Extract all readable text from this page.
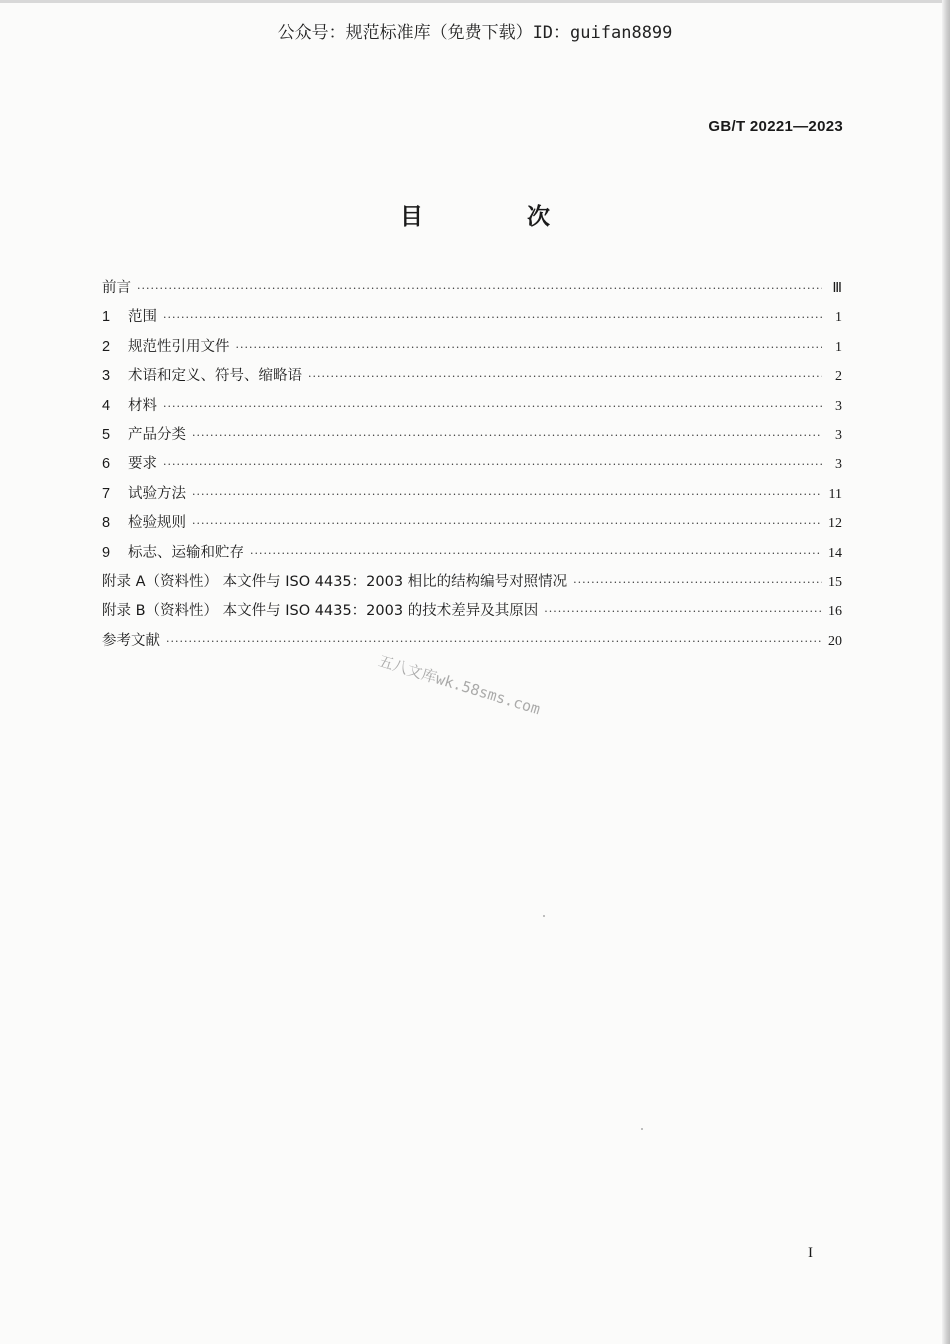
公众号：规范标准库（免费下载）ID：guifan8899
GB/T 20221—2023
目 次
前言 ·····	Ⅲ
1	范围 ·····	1
2	规范性引用文件 ·····	1
3	术语和定义、符号、缩略语 ·····	2
4	材料 ·····	3
5	产品分类 ·····	3
6	要求 ·····	3
7	试验方法 ·····	11
8	检验规则 ·····	12
9	标志、运输和贮存 ·····	14
附录 A（资料性） 本文件与 ISO 4435：2003 相比的结构编号对照情况 ·····	15
附录 B（资料性） 本文件与 ISO 4435：2003 的技术差异及其原因 ·····	16
参考文献 ·····	20
五八文库wk.58sms.com
I
